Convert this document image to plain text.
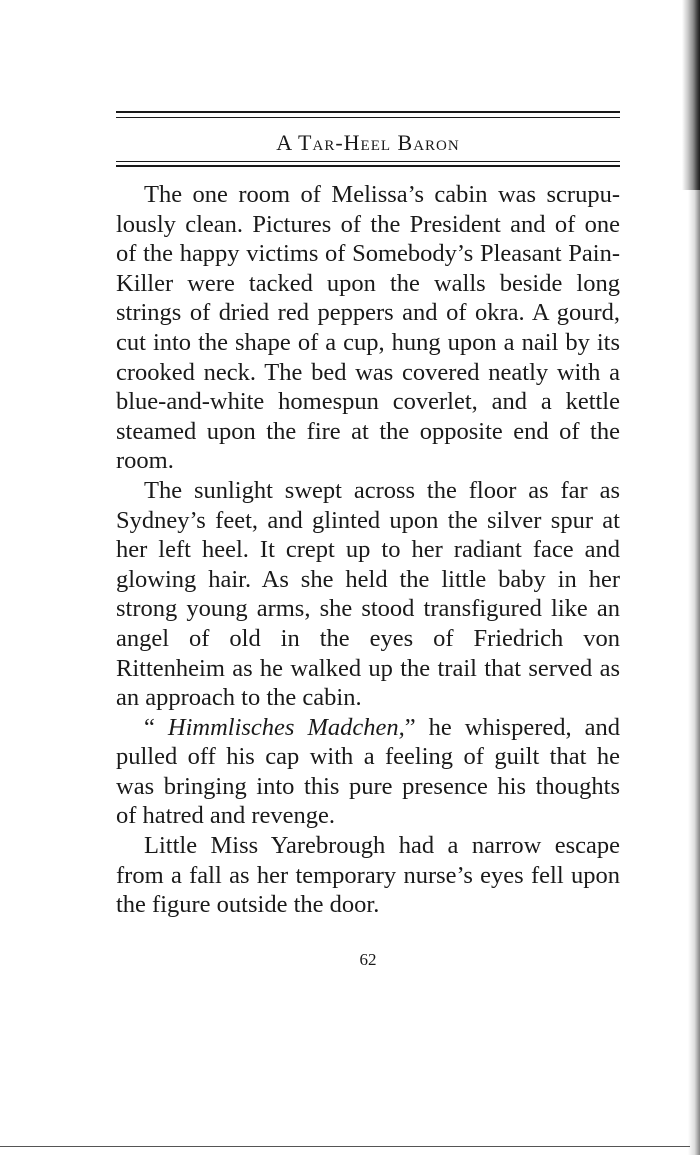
A Tar-Heel Baron

The one room of Melissa’s cabin was scrupulously clean. Pictures of the President and of one of the happy victims of Somebody’s Pleasant Pain-Killer were tacked upon the walls beside long strings of dried red peppers and of okra. A gourd, cut into the shape of a cup, hung upon a nail by its crooked neck. The bed was covered neatly with a blue-and-white homespun coverlet, and a kettle steamed upon the fire at the opposite end of the room.

The sunlight swept across the floor as far as Sydney’s feet, and glinted upon the silver spur at her left heel. It crept up to her radiant face and glowing hair. As she held the little baby in her strong young arms, she stood transfigured like an angel of old in the eyes of Friedrich von Rittenheim as he walked up the trail that served as an approach to the cabin.

“ Himmlisches Madchen,” he whispered, and pulled off his cap with a feeling of guilt that he was bringing into this pure presence his thoughts of hatred and revenge.

Little Miss Yarebrough had a narrow escape from a fall as her temporary nurse’s eyes fell upon the figure outside the door.

62
